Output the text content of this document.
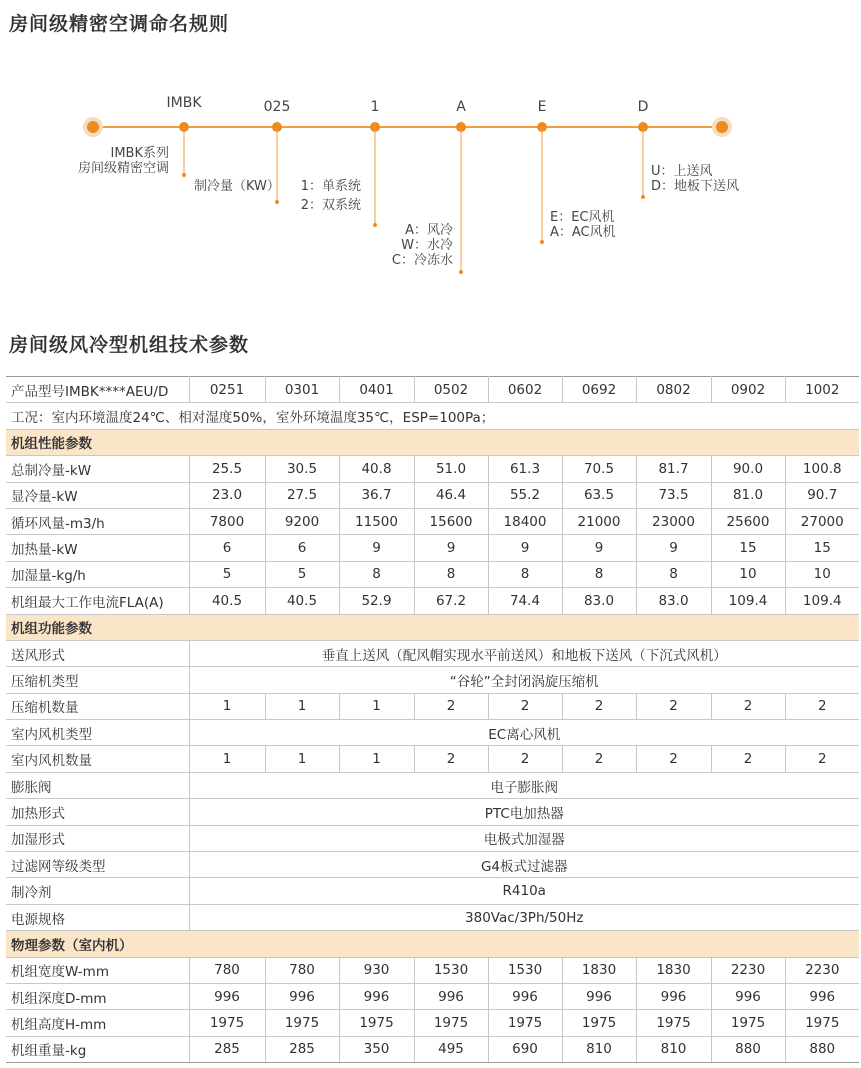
房间级精密空调命名规则
IMBK	025	1	A	E	D
IMBK系列
房间级精密空调
制冷量（KW） 1：单系统
2：双系统
A：风冷
W：水冷
C：冷冻水
E：EC风机
A：AC风机
U：上送风
D：地板下送风
房间级风冷型机组技术参数
产品型号IMBK****AEU/D	0251	0301	0401	0502	0602	0692	0802	0902	1002
工况：室内环境温度24℃、相对湿度50%，室外环境温度35℃，ESP=100Pa；									
机组性能参数									
总制冷量-kW	25.5	30.5	40.8	51.0	61.3	70.5	81.7	90.0	100.8
显冷量-kW	23.0	27.5	36.7	46.4	55.2	63.5	73.5	81.0	90.7
循环风量-m3/h	7800	9200	11500	15600	18400	21000	23000	25600	27000
加热量-kW	6	6	9	9	9	9	9	15	15
加湿量-kg/h	5	5	8	8	8	8	8	10	10
机组最大工作电流FLA(A)	40.5	40.5	52.9	67.2	74.4	83.0	83.0	109.4	109.4
机组功能参数									
送风形式	垂直上送风（配风帽实现水平前送风）和地板下送风（下沉式风机）								
压缩机类型	“谷轮”全封闭涡旋压缩机								
压缩机数量	1	1	1	2	2	2	2	2	2
室内风机类型	EC离心风机								
室内风机数量	1	1	1	2	2	2	2	2	2
膨胀阀	电子膨胀阀								
加热形式	PTC电加热器								
加湿形式	电极式加湿器								
过滤网等级类型	G4板式过滤器								
制冷剂	R410a								
电源规格	380Vac/3Ph/50Hz								
物理参数（室内机）									
机组宽度W-mm	780	780	930	1530	1530	1830	1830	2230	2230
机组深度D-mm	996	996	996	996	996	996	996	996	996
机组高度H-mm	1975	1975	1975	1975	1975	1975	1975	1975	1975
机组重量-kg	285	285	350	495	690	810	810	880	880
